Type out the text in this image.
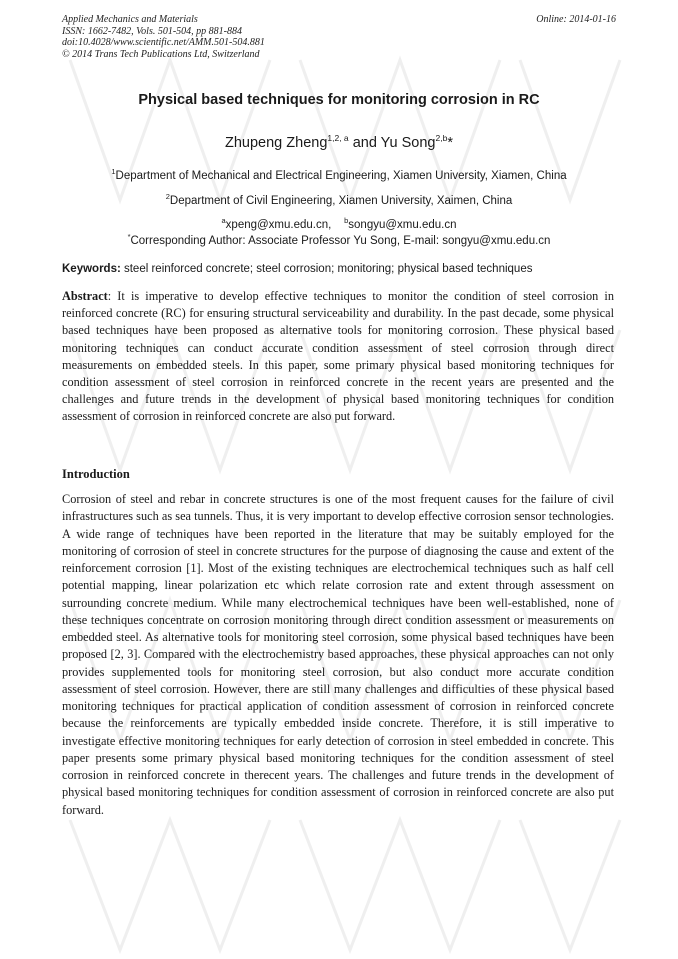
Applied Mechanics and Materials
ISSN: 1662-7482, Vols. 501-504, pp 881-884
doi:10.4028/www.scientific.net/AMM.501-504.881
© 2014 Trans Tech Publications Ltd, Switzerland
Online: 2014-01-16
Physical based techniques for monitoring corrosion in RC
Zhupeng Zheng$^{1,2, a}$ and Yu Song$^{2,b}$*
$^1$Department of Mechanical and Electrical Engineering, Xiamen University, Xiamen, China
$^2$Department of Civil Engineering, Xiamen University, Xaimen, China
$^a$xpeng@xmu.edu.cn, $^b$songyu@xmu.edu.cn
*Corresponding Author: Associate Professor Yu Song, E-mail: songyu@xmu.edu.cn
Keywords: steel reinforced concrete; steel corrosion; monitoring; physical based techniques
Abstract: It is imperative to develop effective techniques to monitor the condition of steel corrosion in reinforced concrete (RC) for ensuring structural serviceability and durability. In the past decade, some physical based techniques have been proposed as alternative tools for monitoring corrosion. These physical based monitoring techniques can conduct accurate condition assessment of steel corrosion through direct measurements on embedded steels. In this paper, some primary physical based monitoring techniques for condition assessment of steel corrosion in reinforced concrete in the recent years are presented and the challenges and future trends in the development of physical based monitoring techniques for condition assessment of corrosion in reinforced concrete are also put forward.
Introduction
Corrosion of steel and rebar in concrete structures is one of the most frequent causes for the failure of civil infrastructures such as sea tunnels. Thus, it is very important to develop effective corrosion sensor technologies. A wide range of techniques have been reported in the literature that may be suitably employed for the monitoring of corrosion of steel in concrete structures for the purpose of diagnosing the cause and extent of the reinforcement corrosion [1]. Most of the existing techniques are electrochemical techniques such as half cell potential mapping, linear polarization etc which relate corrosion rate and extent through assessment on surrounding concrete medium. While many electrochemical techniques have been well-established, none of these techniques concentrate on corrosion monitoring through direct condition assessment or measurements on embedded steel. As alternative tools for monitoring steel corrosion, some physical based techniques have been proposed [2, 3]. Compared with the electrochemistry based approaches, these physical approaches can not only provides supplemented tools for monitoring steel corrosion, but also conduct more accurate condition assessment of steel corrosion. However, there are still many challenges and difficulties of these physical based monitoring techniques for practical application of condition assessment of corrosion in reinforced concrete because the reinforcements are typically embedded inside concrete. Therefore, it is still imperative to investigate effective monitoring techniques for early detection of corrosion in steel embedded in concrete. This paper presents some primary physical based monitoring techniques for the condition assessment of steel corrosion in reinforced concrete in therecent years. The challenges and future trends in the development of physical based monitoring techniques for condition assessment of corrosion in reinforced concrete are also put forward.
